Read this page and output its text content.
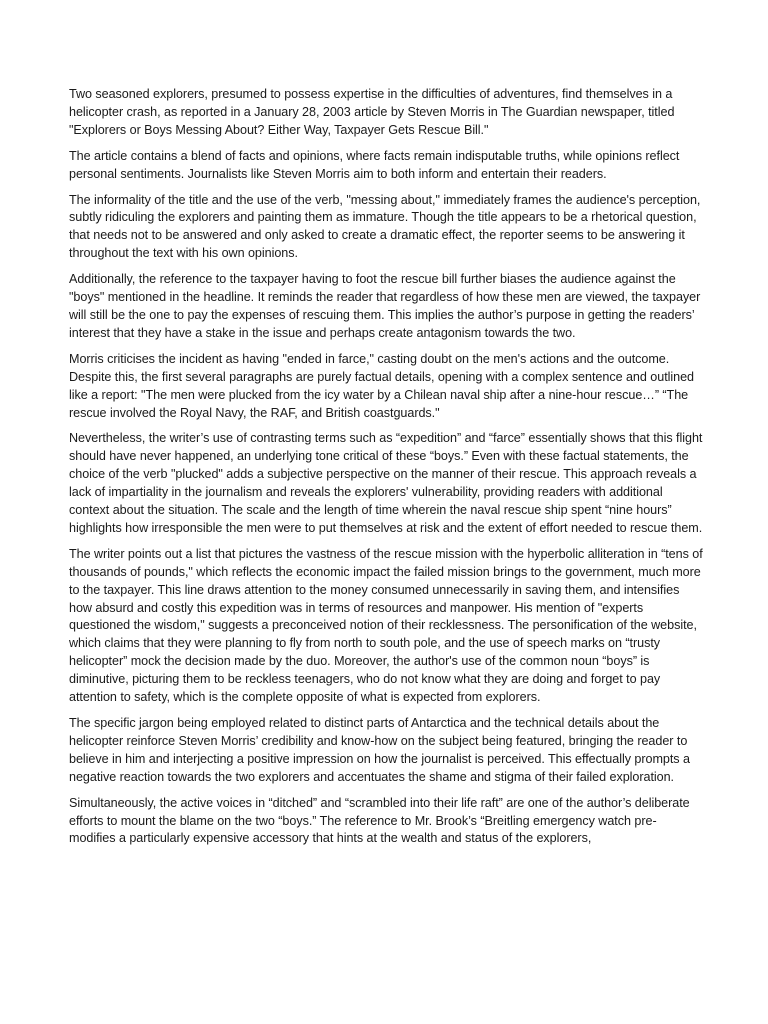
Two seasoned explorers, presumed to possess expertise in the difficulties of adventures, find themselves in a helicopter crash, as reported in a January 28, 2003 article by Steven Morris in The Guardian newspaper, titled "Explorers or Boys Messing About? Either Way, Taxpayer Gets Rescue Bill."

The article contains a blend of facts and opinions, where facts remain indisputable truths, while opinions reflect personal sentiments. Journalists like Steven Morris aim to both inform and entertain their readers.

The informality of the title and the use of the verb, "messing about," immediately frames the audience's perception, subtly ridiculing the explorers and painting them as immature. Though the title appears to be a rhetorical question, that needs not to be answered and only asked to create a dramatic effect, the reporter seems to be answering it throughout the text with his own opinions.

Additionally, the reference to the taxpayer having to foot the rescue bill further biases the audience against the "boys" mentioned in the headline. It reminds the reader that regardless of how these men are viewed, the taxpayer will still be the one to pay the expenses of rescuing them. This implies the author’s purpose in getting the readers’ interest that they have a stake in the issue and perhaps create antagonism towards the two.

Morris criticises the incident as having "ended in farce," casting doubt on the men's actions and the outcome. Despite this, the first several paragraphs are purely factual details, opening with a complex sentence and outlined like a report: "The men were plucked from the icy water by a Chilean naval ship after a nine-hour rescue…” “The rescue involved the Royal Navy, the RAF, and British coastguards."

Nevertheless, the writer’s use of contrasting terms such as “expedition” and “farce” essentially shows that this flight should have never happened, an underlying tone critical of these “boys.” Even with these factual statements, the choice of the verb "plucked" adds a subjective perspective on the manner of their rescue. This approach reveals a lack of impartiality in the journalism and reveals the explorers' vulnerability, providing readers with additional context about the situation. The scale and the length of time wherein the naval rescue ship spent “nine hours” highlights how irresponsible the men were to put themselves at risk and the extent of effort needed to rescue them.

The writer points out a list that pictures the vastness of the rescue mission with the hyperbolic alliteration in “tens of thousands of pounds," which reflects the economic impact the failed mission brings to the government, much more to the taxpayer. This line draws attention to the money consumed unnecessarily in saving them, and intensifies how absurd and costly this expedition was in terms of resources and manpower. His mention of "experts questioned the wisdom," suggests a preconceived notion of their recklessness. The personification of the website, which claims that they were planning to fly from north to south pole, and the use of speech marks on “trusty helicopter” mock the decision made by the duo. Moreover, the author's use of the common noun “boys” is diminutive, picturing them to be reckless teenagers, who do not know what they are doing and forget to pay attention to safety, which is the complete opposite of what is expected from explorers.

The specific jargon being employed related to distinct parts of Antarctica and the technical details about the helicopter reinforce Steven Morris’ credibility and know-how on the subject being featured, bringing the reader to believe in him and interjecting a positive impression on how the journalist is perceived. This effectually prompts a negative reaction towards the two explorers and accentuates the shame and stigma of their failed exploration.

Simultaneously, the active voices in “ditched” and “scrambled into their life raft” are one of the author’s deliberate efforts to mount the blame on the two “boys.” The reference to Mr. Brook’s “Breitling emergency watch pre-modifies a particularly expensive accessory that hints at the wealth and status of the explorers,
